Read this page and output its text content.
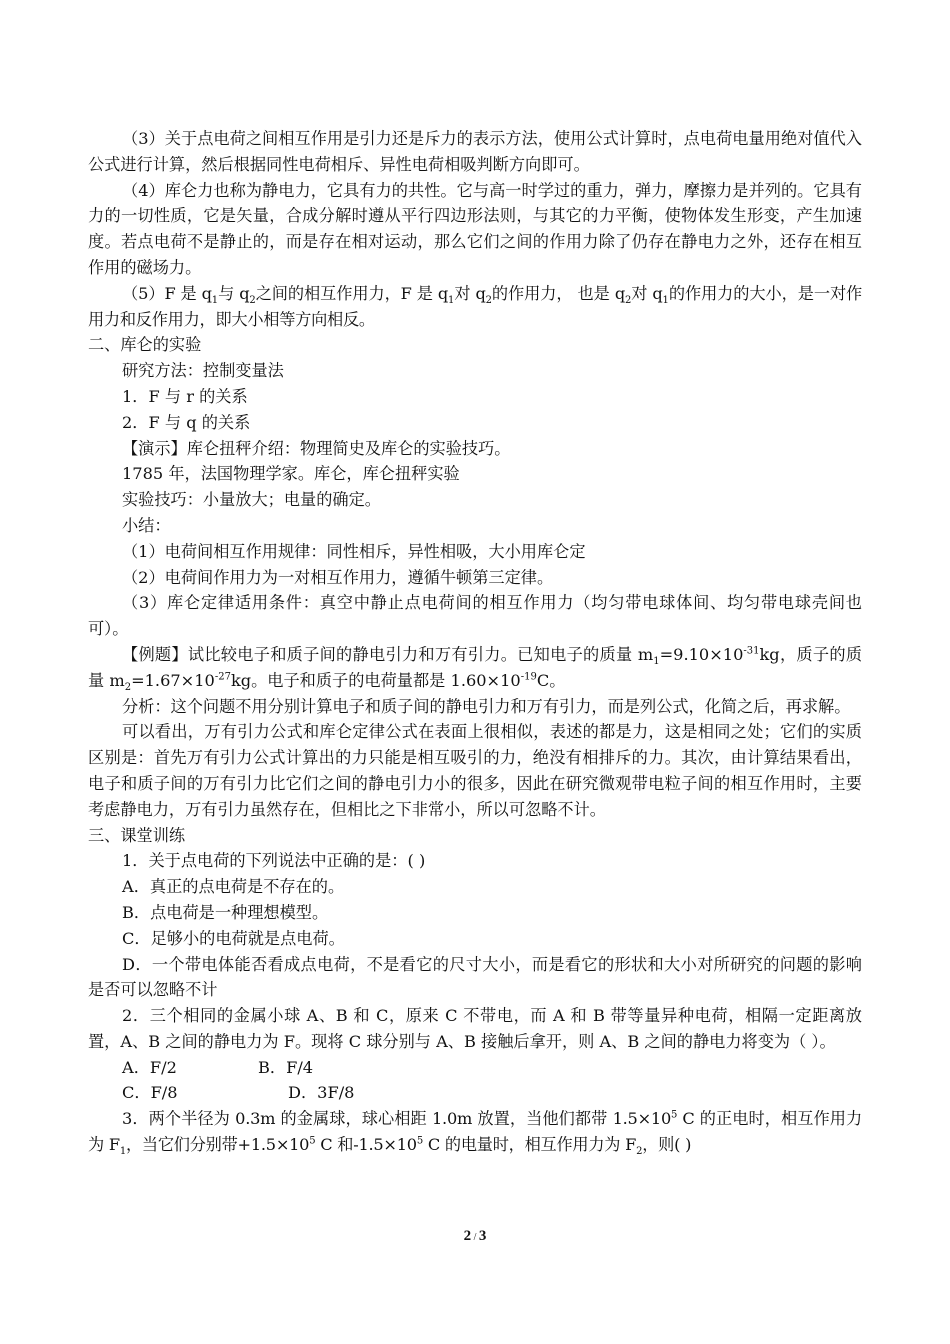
（3）关于点电荷之间相互作用是引力还是斥力的表示方法，使用公式计算时，点电荷电量用绝对值代入公式进行计算，然后根据同性电荷相斥、异性电荷相吸判断方向即可。

（4）库仑力也称为静电力，它具有力的共性。它与高一时学过的重力，弹力，摩擦力是并列的。它具有力的一切性质，它是矢量，合成分解时遵从平行四边形法则，与其它的力平衡，使物体发生形变，产生加速度。若点电荷不是静止的，而是存在相对运动，那么它们之间的作用力除了仍存在静电力之外，还存在相互作用的磁场力。

（5）F 是 $q_1$与 $q_2$之间的相互作用力，F 是 $q_1$对 $q_2$的作用力， 也是 $q_2$对 $q_1$的作用力的大小，是一对作用力和反作用力，即大小相等方向相反。

二、库仑的实验

研究方法：控制变量法

1．F 与 r 的关系

2．F 与 q 的关系

【演示】库仑扭秤介绍：物理简史及库仑的实验技巧。

1785 年，法国物理学家。库仑，库仑扭秤实验

实验技巧：小量放大；电量的确定。

小结：

（1）电荷间相互作用规律：同性相斥，异性相吸，大小用库仑定

（2）电荷间作用力为一对相互作用力，遵循牛顿第三定律。

（3）库仑定律适用条件：真空中静止点电荷间的相互作用力（均匀带电球体间、均匀带电球壳间也可）。

【例题】试比较电子和质子间的静电引力和万有引力。已知电子的质量 $m_1=9.10\times 10^{-31}kg$，质子的质量 $m_2=1.67\times 10^{-27}kg$。电子和质子的电荷量都是 $1.60\times 10^{-19}C$。

分析：这个问题不用分别计算电子和质子间的静电引力和万有引力，而是列公式，化简之后，再求解。

可以看出，万有引力公式和库仑定律公式在表面上很相似，表述的都是力，这是相同之处；它们的实质区别是：首先万有引力公式计算出的力只能是相互吸引的力，绝没有相排斥的力。其次，由计算结果看出，电子和质子间的万有引力比它们之间的静电引力小的很多，因此在研究微观带电粒子间的相互作用时，主要考虑静电力，万有引力虽然存在，但相比之下非常小，所以可忽略不计。

三、课堂训练

1．关于点电荷的下列说法中正确的是：( )

A．真正的点电荷是不存在的。

B．点电荷是一种理想模型。

C．足够小的电荷就是点电荷。

D．一个带电体能否看成点电荷，不是看它的尺寸大小，而是看它的形状和大小对所研究的问题的影响是否可以忽略不计

2．三个相同的金属小球 A、B 和 C，原来 C 不带电，而 A 和 B 带等量异种电荷，相隔一定距离放置，A、B 之间的静电力为 F。现将 C 球分别与 A、B 接触后拿开，则 A、B 之间的静电力将变为（ ）。

A．F/2	B．F/4
C．F/8	D．3F/8

3．两个半径为 0.3m 的金属球，球心相距 1.0m 放置，当他们都带 $1.5\times 10^5$ C 的正电时，相互作用力为 $F_1$，当它们分别带$+1.5\times 10^5$ C 和$-1.5\times 10^5$ C 的电量时，相互作用力为 $F_2$，则( )

2 / 3
